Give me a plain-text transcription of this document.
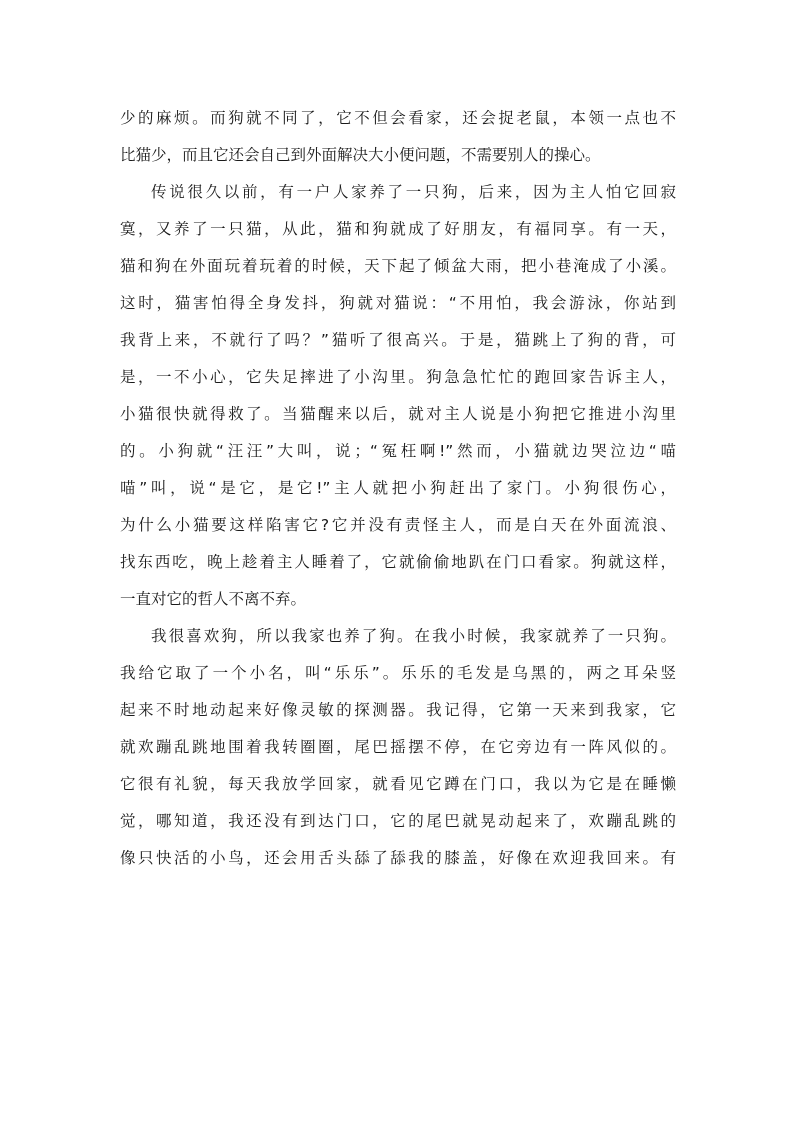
少的麻烦。而狗就不同了，它不但会看家，还会捉老鼠，本领一点也不
比猫少，而且它还会自己到外面解决大小便问题，不需要别人的操心。
传说很久以前，有一户人家养了一只狗，后来，因为主人怕它回寂
寞，又养了一只猫，从此，猫和狗就成了好朋友，有福同享。有一天，
猫和狗在外面玩着玩着的时候，天下起了倾盆大雨，把小巷淹成了小溪。
这时，猫害怕得全身发抖，狗就对猫说：“不用怕，我会游泳，你站到
我背上来，不就行了吗？”猫听了很高兴。于是，猫跳上了狗的背，可
是，一不小心，它失足摔进了小沟里。狗急急忙忙的跑回家告诉主人，
小猫很快就得救了。当猫醒来以后，就对主人说是小狗把它推进小沟里
的。小狗就“汪汪”大叫，说；“冤枉啊!”然而，小猫就边哭泣边“喵
喵”叫，说“是它，是它!”主人就把小狗赶出了家门。小狗很伤心，
为什么小猫要这样陷害它?它并没有责怪主人，而是白天在外面流浪、
找东西吃，晚上趁着主人睡着了，它就偷偷地趴在门口看家。狗就这样，
一直对它的哲人不离不弃。
我很喜欢狗，所以我家也养了狗。在我小时候，我家就养了一只狗。
我给它取了一个小名，叫“乐乐”。乐乐的毛发是乌黑的，两之耳朵竖
起来不时地动起来好像灵敏的探测器。我记得，它第一天来到我家，它
就欢蹦乱跳地围着我转圈圈，尾巴摇摆不停，在它旁边有一阵风似的。
它很有礼貌，每天我放学回家，就看见它蹲在门口，我以为它是在睡懒
觉，哪知道，我还没有到达门口，它的尾巴就晃动起来了，欢蹦乱跳的
像只快活的小鸟，还会用舌头舔了舔我的膝盖，好像在欢迎我回来。有
